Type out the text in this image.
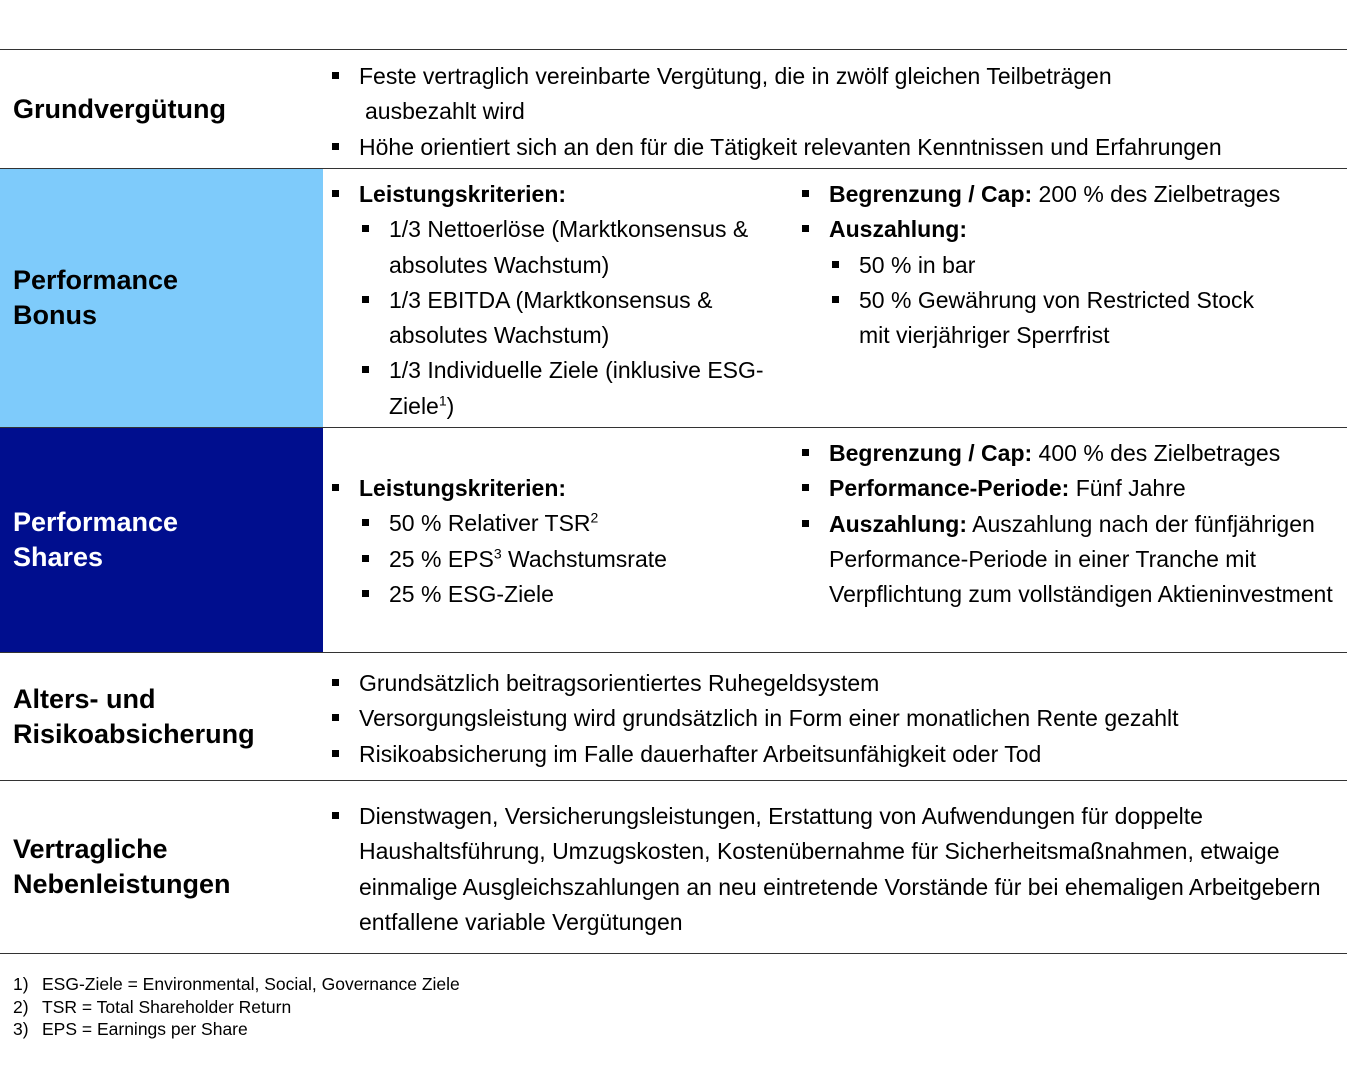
Grundvergütung
Feste vertraglich vereinbarte Vergütung, die in zwölf gleichen Teilbeträgen
ausbezahlt wird
Höhe orientiert sich an den für die Tätigkeit relevanten Kenntnissen und Erfahrungen
Performance
Bonus
Leistungskriterien:
1/3 Nettoerlöse (Marktkonsensus & absolutes Wachstum)
1/3 EBITDA (Marktkonsensus & absolutes Wachstum)
1/3 Individuelle Ziele (inklusive ESG-Ziele$^1$)
Begrenzung / Cap: 200 % des Zielbetrages
Auszahlung:
50 % in bar
50 % Gewährung von Restricted Stock mit vierjähriger Sperrfrist
Performance
Shares
Leistungskriterien:
50 % Relativer TSR$^2$
25 % EPS$^3$ Wachstumsrate
25 % ESG-Ziele
Begrenzung / Cap: 400 % des Zielbetrages
Performance-Periode: Fünf Jahre
Auszahlung: Auszahlung nach der fünfjährigen Performance-Periode in einer Tranche mit Verpflichtung zum vollständigen Aktieninvestment
Alters- und
Risikoabsicherung
Grundsätzlich beitragsorientiertes Ruhegeldsystem
Versorgungsleistung wird grundsätzlich in Form einer monatlichen Rente gezahlt
Risikoabsicherung im Falle dauerhafter Arbeitsunfähigkeit oder Tod
Vertragliche
Nebenleistungen
Dienstwagen, Versicherungsleistungen, Erstattung von Aufwendungen für doppelte Haushaltsführung, Umzugskosten, Kostenübernahme für Sicherheitsmaßnahmen, etwaige einmalige Ausgleichszahlungen an neu eintretende Vorstände für bei ehemaligen Arbeitgebern entfallene variable Vergütungen
1) ESG-Ziele = Environmental, Social, Governance Ziele
2) TSR = Total Shareholder Return
3) EPS = Earnings per Share
